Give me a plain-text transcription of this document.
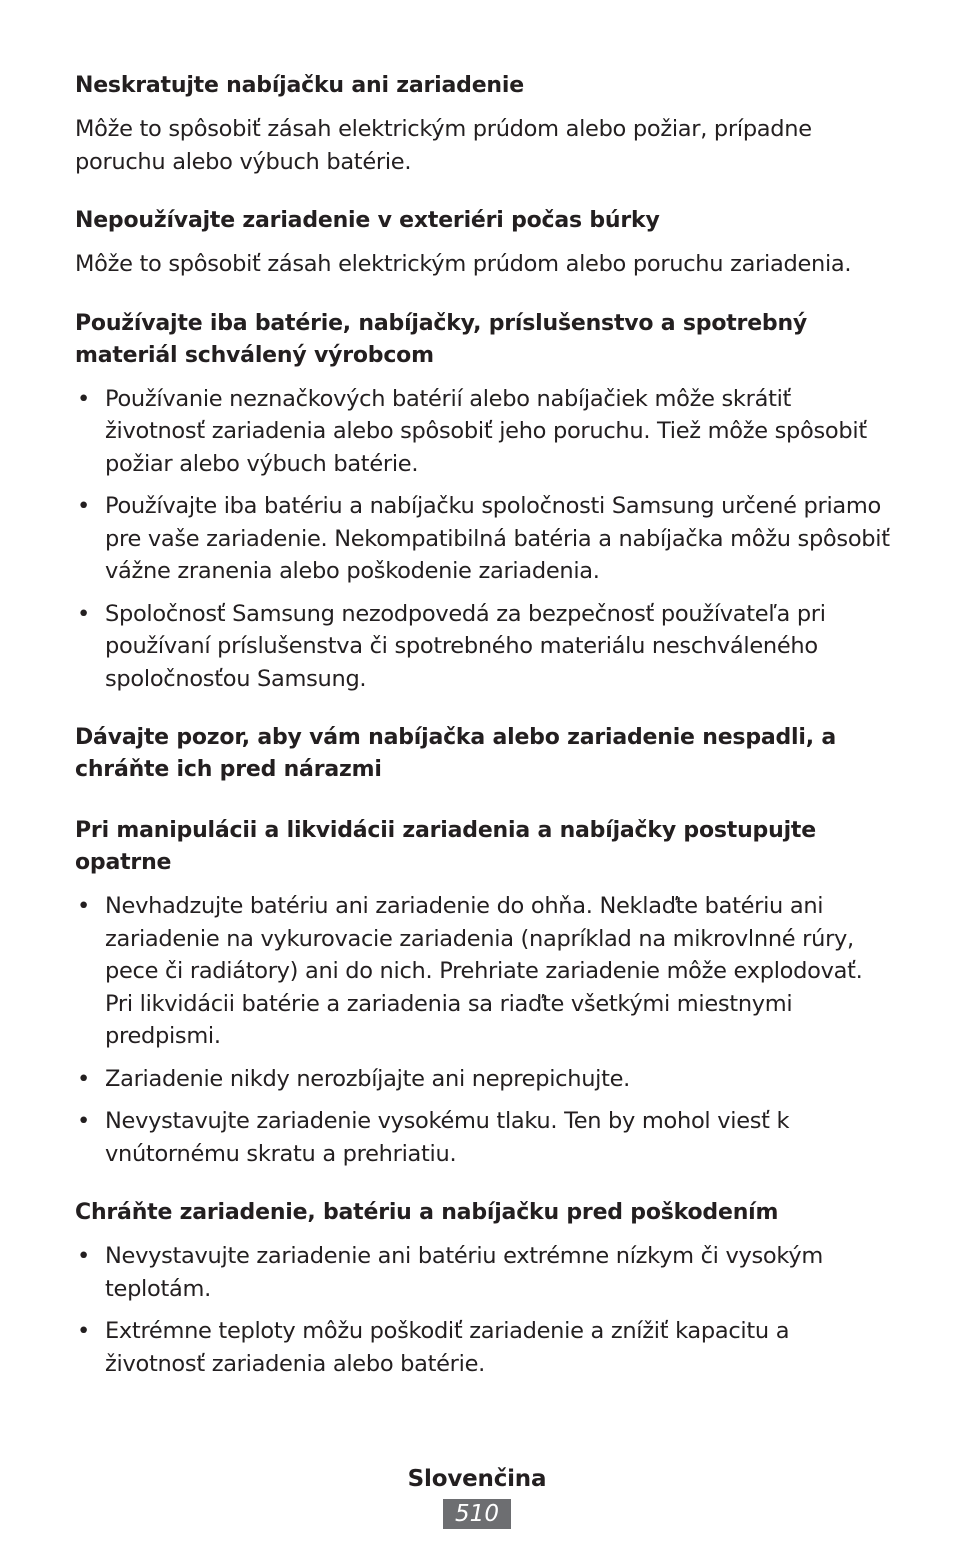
Neskratujte nabíjačku ani zariadenie

Môže to spôsobiť zásah elektrickým prúdom alebo požiar, prípadne poruchu alebo výbuch batérie.

Nepoužívajte zariadenie v exteriéri počas búrky

Môže to spôsobiť zásah elektrickým prúdom alebo poruchu zariadenia.

Používajte iba batérie, nabíjačky, príslušenstvo a spotrebný materiál schválený výrobcom

• Používanie neznačkových batérií alebo nabíjačiek môže skrátiť životnosť zariadenia alebo spôsobiť jeho poruchu. Tiež môže spôsobiť požiar alebo výbuch batérie.
• Používajte iba batériu a nabíjačku spoločnosti Samsung určené priamo pre vaše zariadenie. Nekompatibilná batéria a nabíjačka môžu spôsobiť vážne zranenia alebo poškodenie zariadenia.
• Spoločnosť Samsung nezodpovedá za bezpečnosť používateľa pri používaní príslušenstva či spotrebného materiálu neschváleného spoločnosťou Samsung.

Dávajte pozor, aby vám nabíjačka alebo zariadenie nespadli, a chráňte ich pred nárazmi

Pri manipulácii a likvidácii zariadenia a nabíjačky postupujte opatrne

• Nevhadzujte batériu ani zariadenie do ohňa. Neklaďte batériu ani zariadenie na vykurovacie zariadenia (napríklad na mikrovlnné rúry, pece či radiátory) ani do nich. Prehriate zariadenie môže explodovať. Pri likvidácii batérie a zariadenia sa riaďte všetkými miestnymi predpismi.
• Zariadenie nikdy nerozbíjajte ani neprepichujte.
• Nevystavujte zariadenie vysokému tlaku. Ten by mohol viesť k vnútornému skratu a prehriatiu.

Chráňte zariadenie, batériu a nabíjačku pred poškodením

• Nevystavujte zariadenie ani batériu extrémne nízkym či vysokým teplotám.
• Extrémne teploty môžu poškodiť zariadenie a znížiť kapacitu a životnosť zariadenia alebo batérie.
Slovenčina
510
